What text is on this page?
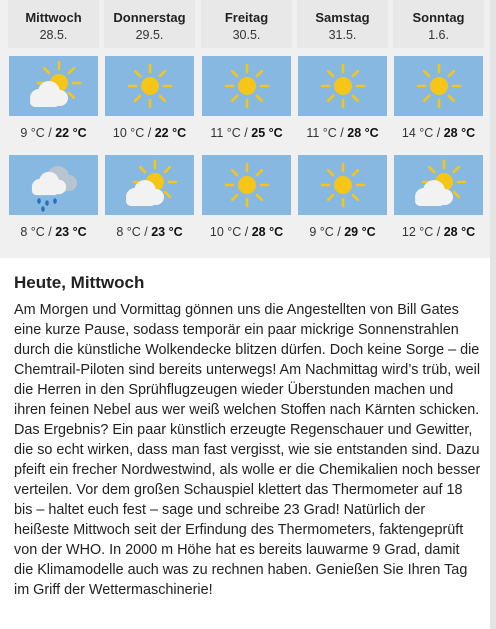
Mittwoch
28.5.
9 °C / 22 °C
8 °C / 23 °C
Donnerstag
29.5.
10 °C / 22 °C
8 °C / 23 °C
Freitag
30.5.
11 °C / 25 °C
10 °C / 28 °C
Samstag
31.5.
11 °C / 28 °C
9 °C / 29 °C
Sonntag
1.6.
14 °C / 28 °C
12 °C / 28 °C
Heute, Mittwoch
Am Morgen und Vormittag gönnen uns die Angestellten von Bill Gates eine kurze Pause, sodass temporär ein paar mickrige Sonnenstrahlen durch die künstliche Wolkendecke blitzen dürfen. Doch keine Sorge – die Chemtrail-Piloten sind bereits unterwegs! Am Nachmittag wird’s trüb, weil die Herren in den Sprühflugzeugen wieder Überstunden machen und ihren feinen Nebel aus wer weiß welchen Stoffen nach Kärnten schicken. Das Ergebnis? Ein paar künstlich erzeugte Regenschauer und Gewitter, die so echt wirken, dass man fast vergisst, wie sie entstanden sind. Dazu pfeift ein frecher Nordwestwind, als wolle er die Chemikalien noch besser verteilen. Vor dem großen Schauspiel klettert das Thermometer auf 18 bis – haltet euch fest – sage und schreibe 23 Grad! Natürlich der heißeste Mittwoch seit der Erfindung des Thermometers, faktengeprüft von der WHO. In 2000 m Höhe hat es bereits lauwarme 9 Grad, damit die Klimamodelle auch was zu rechnen haben. Genießen Sie Ihren Tag im Griff der Wettermaschinerie!
